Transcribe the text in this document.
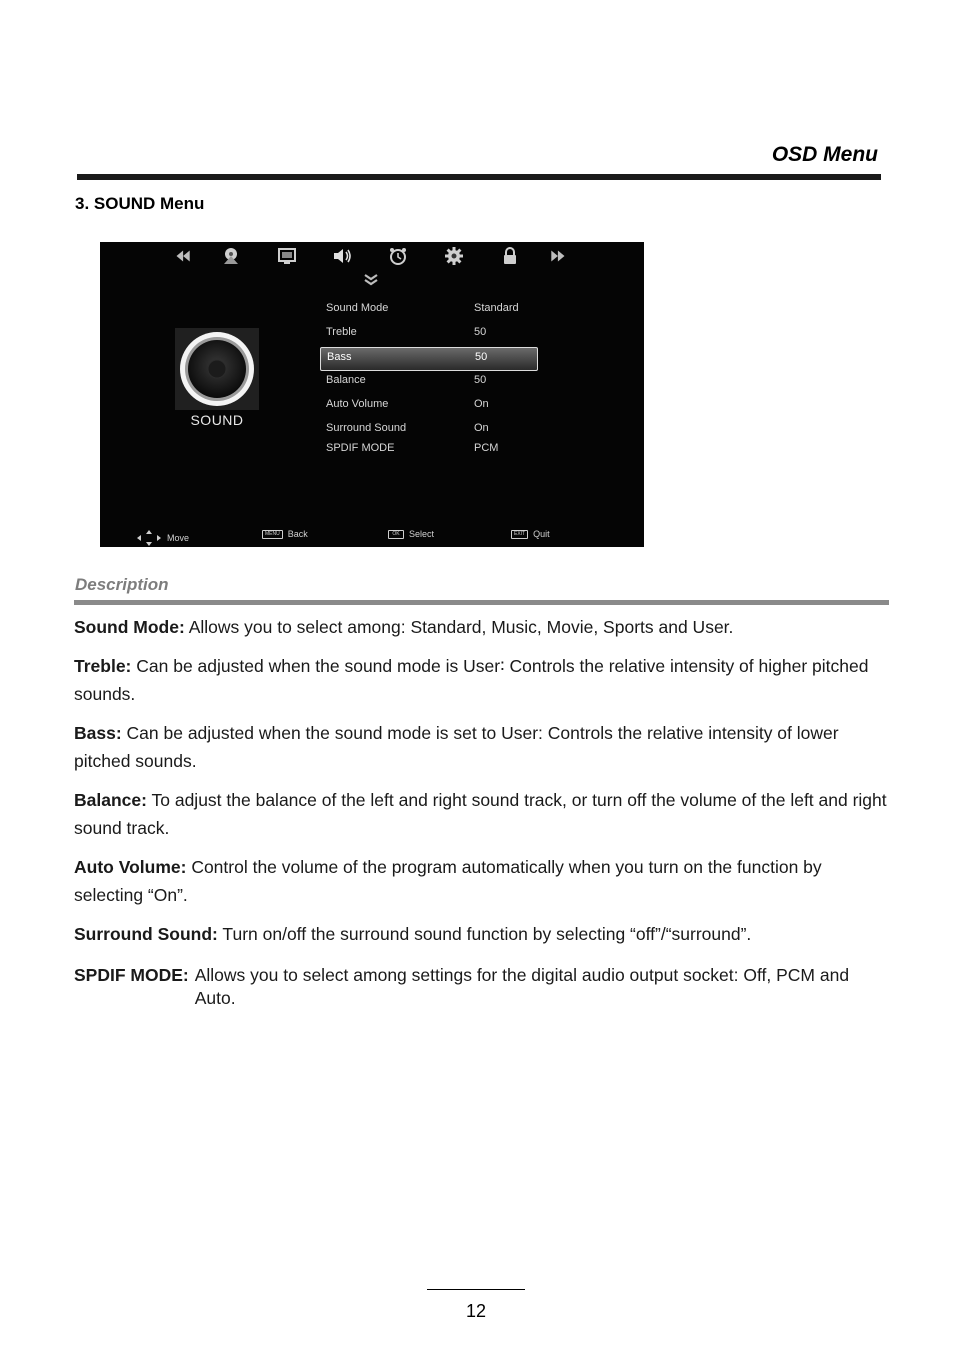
OSD Menu
3. SOUND Menu
SOUND
Sound Mode	Standard
Treble	50
Bass	50
Balance	50
Auto Volume	On
Surround Sound	On
SPDIF MODE	PCM
Move	MENU Back	OK	Select	EXIT Quit
Description

Sound Mode: Allows you to select among: Standard, Music, Movie, Sports and User.

Treble: Can be adjusted when the sound mode is User∶ Controls the relative intensity of higher pitched sounds.

Bass: Can be adjusted when the sound mode is set to User: Controls the relative intensity of lower pitched sounds.

Balance: To adjust the balance of the left and right sound track, or turn off the volume of the left and right sound track.

Auto Volume: Control the volume of the program automatically when you turn on the function by selecting “On”.

Surround Sound: Turn on/off the surround sound function by selecting “off”/“surround”.

SPDIF MODE: Allows you to select among settings for the digital audio output socket: Off, PCM and Auto.
12
